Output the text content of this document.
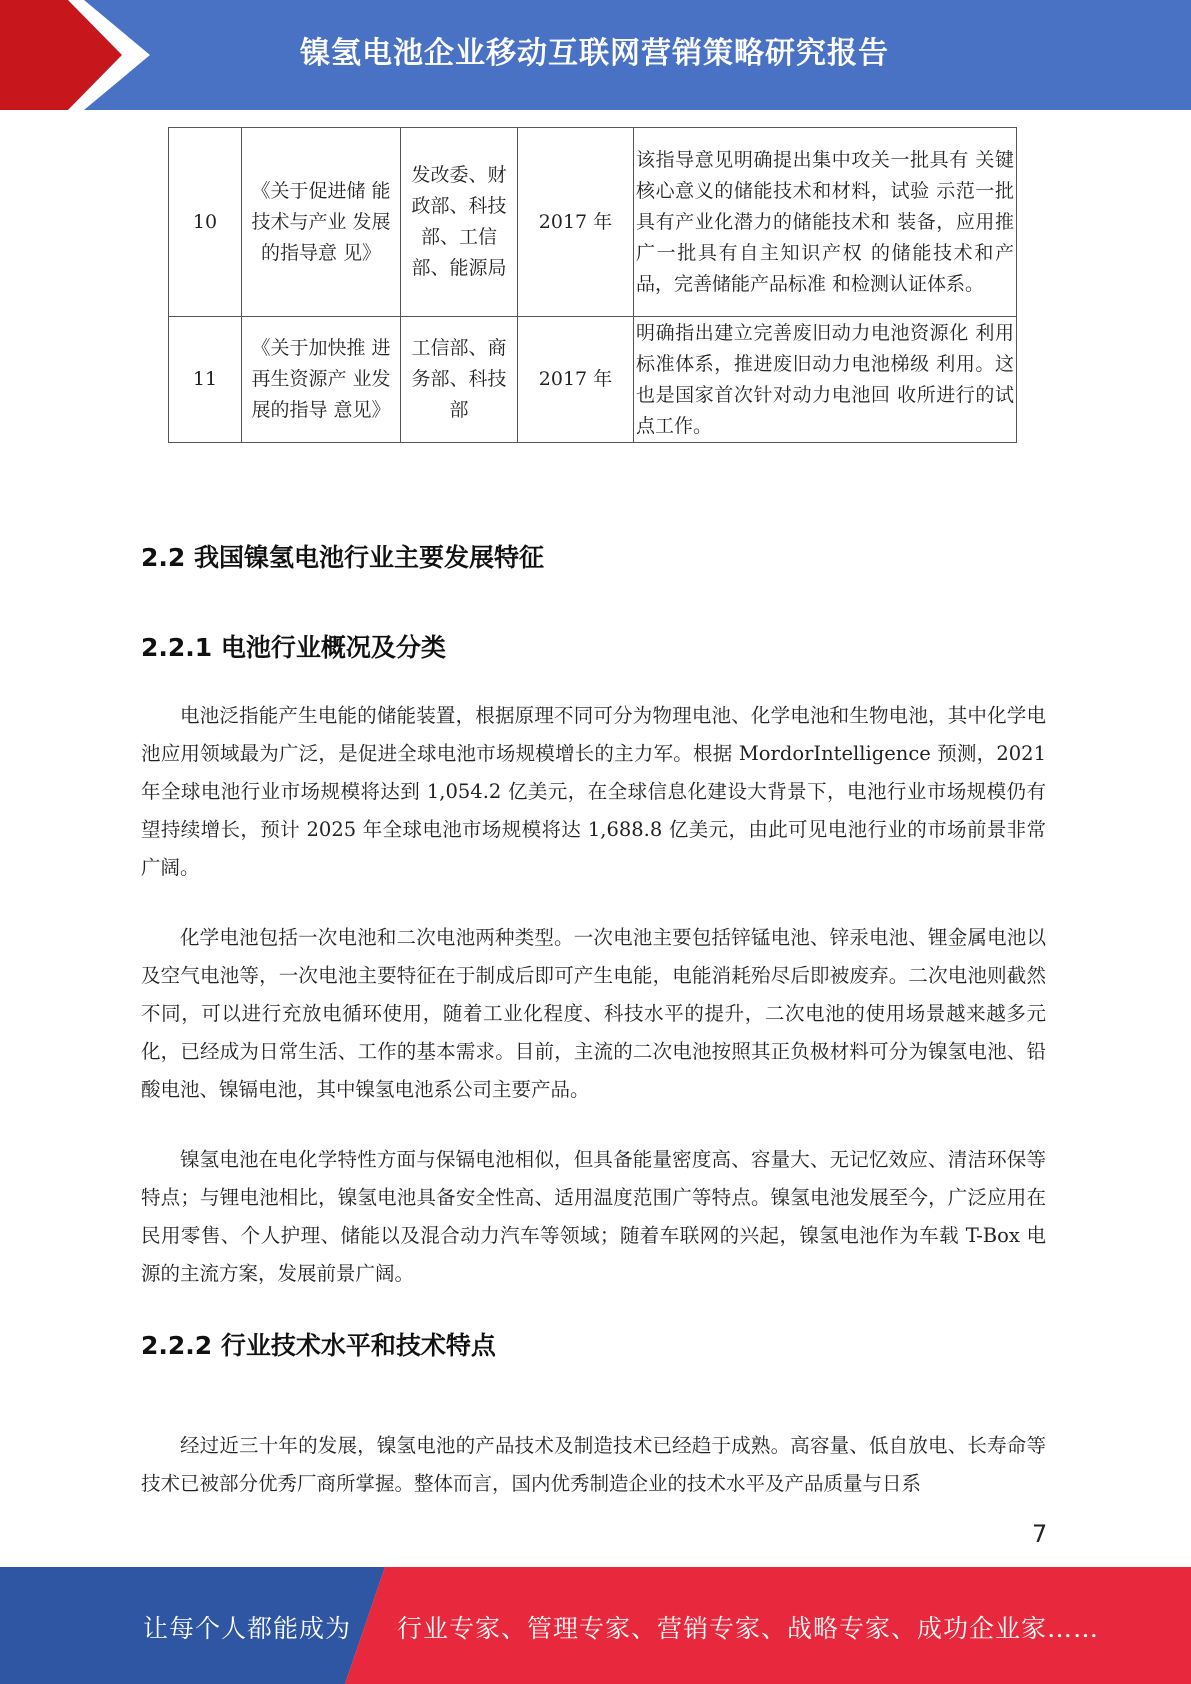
镍氢电池企业移动互联网营销策略研究报告
10	《关于促进储 能技术与产业 发展的指导意 见》	发改委、财政部、科技部、工信部、能源局	2017 年	该指导意见明确提出集中攻关一批具有 关键核心意义的储能技术和材料，试验 示范一批具有产业化潜力的储能技术和 装备，应用推广一批具有自主知识产权 的储能技术和产品，完善储能产品标准 和检测认证体系。
11	《关于加快推 进再生资源产 业发展的指导 意见》	工信部、商务部、科技部	2017 年	明确指出建立完善废旧动力电池资源化 利用标准体系，推进废旧动力电池梯级 利用。这也是国家首次针对动力电池回 收所进行的试点工作。
2.2 我国镍氢电池行业主要发展特征
2.2.1 电池行业概况及分类

电池泛指能产生电能的储能装置，根据原理不同可分为物理电池、化学电池和生物电池，其中化学电池应用领域最为广泛，是促进全球电池市场规模增长的主力军。根据 MordorIntelligence 预测，2021 年全球电池行业市场规模将达到 1,054.2 亿美元，在全球信息化建设大背景下，电池行业市场规模仍有望持续增长，预计 2025 年全球电池市场规模将达 1,688.8 亿美元，由此可见电池行业的市场前景非常广阔。

化学电池包括一次电池和二次电池两种类型。一次电池主要包括锌锰电池、锌汞电池、锂金属电池以及空气电池等，一次电池主要特征在于制成后即可产生电能，电能消耗殆尽后即被废弃。二次电池则截然不同，可以进行充放电循环使用，随着工业化程度、科技水平的提升，二次电池的使用场景越来越多元化，已经成为日常生活、工作的基本需求。目前，主流的二次电池按照其正负极材料可分为镍氢电池、铅酸电池、镍镉电池，其中镍氢电池系公司主要产品。

镍氢电池在电化学特性方面与保镉电池相似，但具备能量密度高、容量大、无记忆效应、清洁环保等特点；与锂电池相比，镍氢电池具备安全性高、适用温度范围广等特点。镍氢电池发展至今，广泛应用在民用零售、个人护理、储能以及混合动力汽车等领域；随着车联网的兴起，镍氢电池作为车载 T-Box 电源的主流方案，发展前景广阔。

2.2.2 行业技术水平和技术特点

经过近三十年的发展，镍氢电池的产品技术及制造技术已经趋于成熟。高容量、低自放电、长寿命等技术已被部分优秀厂商所掌握。整体而言，国内优秀制造企业的技术水平及产品质量与日系

7
让每个人都能成为 行业专家、管理专家、营销专家、战略专家、成功企业家……
